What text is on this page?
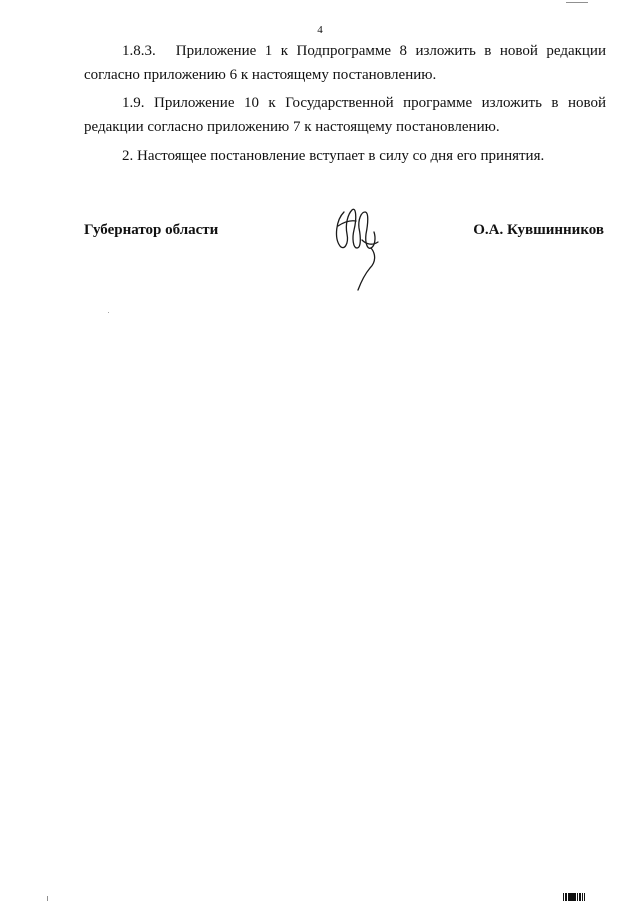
4

1.8.3. Приложение 1 к Подпрограмме 8 изложить в новой редакции согласно приложению 6 к настоящему постановлению.

1.9. Приложение 10 к Государственной программе изложить в новой редакции согласно приложению 7 к настоящему постановлению.

2. Настоящее постановление вступает в силу со дня его принятия.

Губернатор области	О.А. Кувшинников
